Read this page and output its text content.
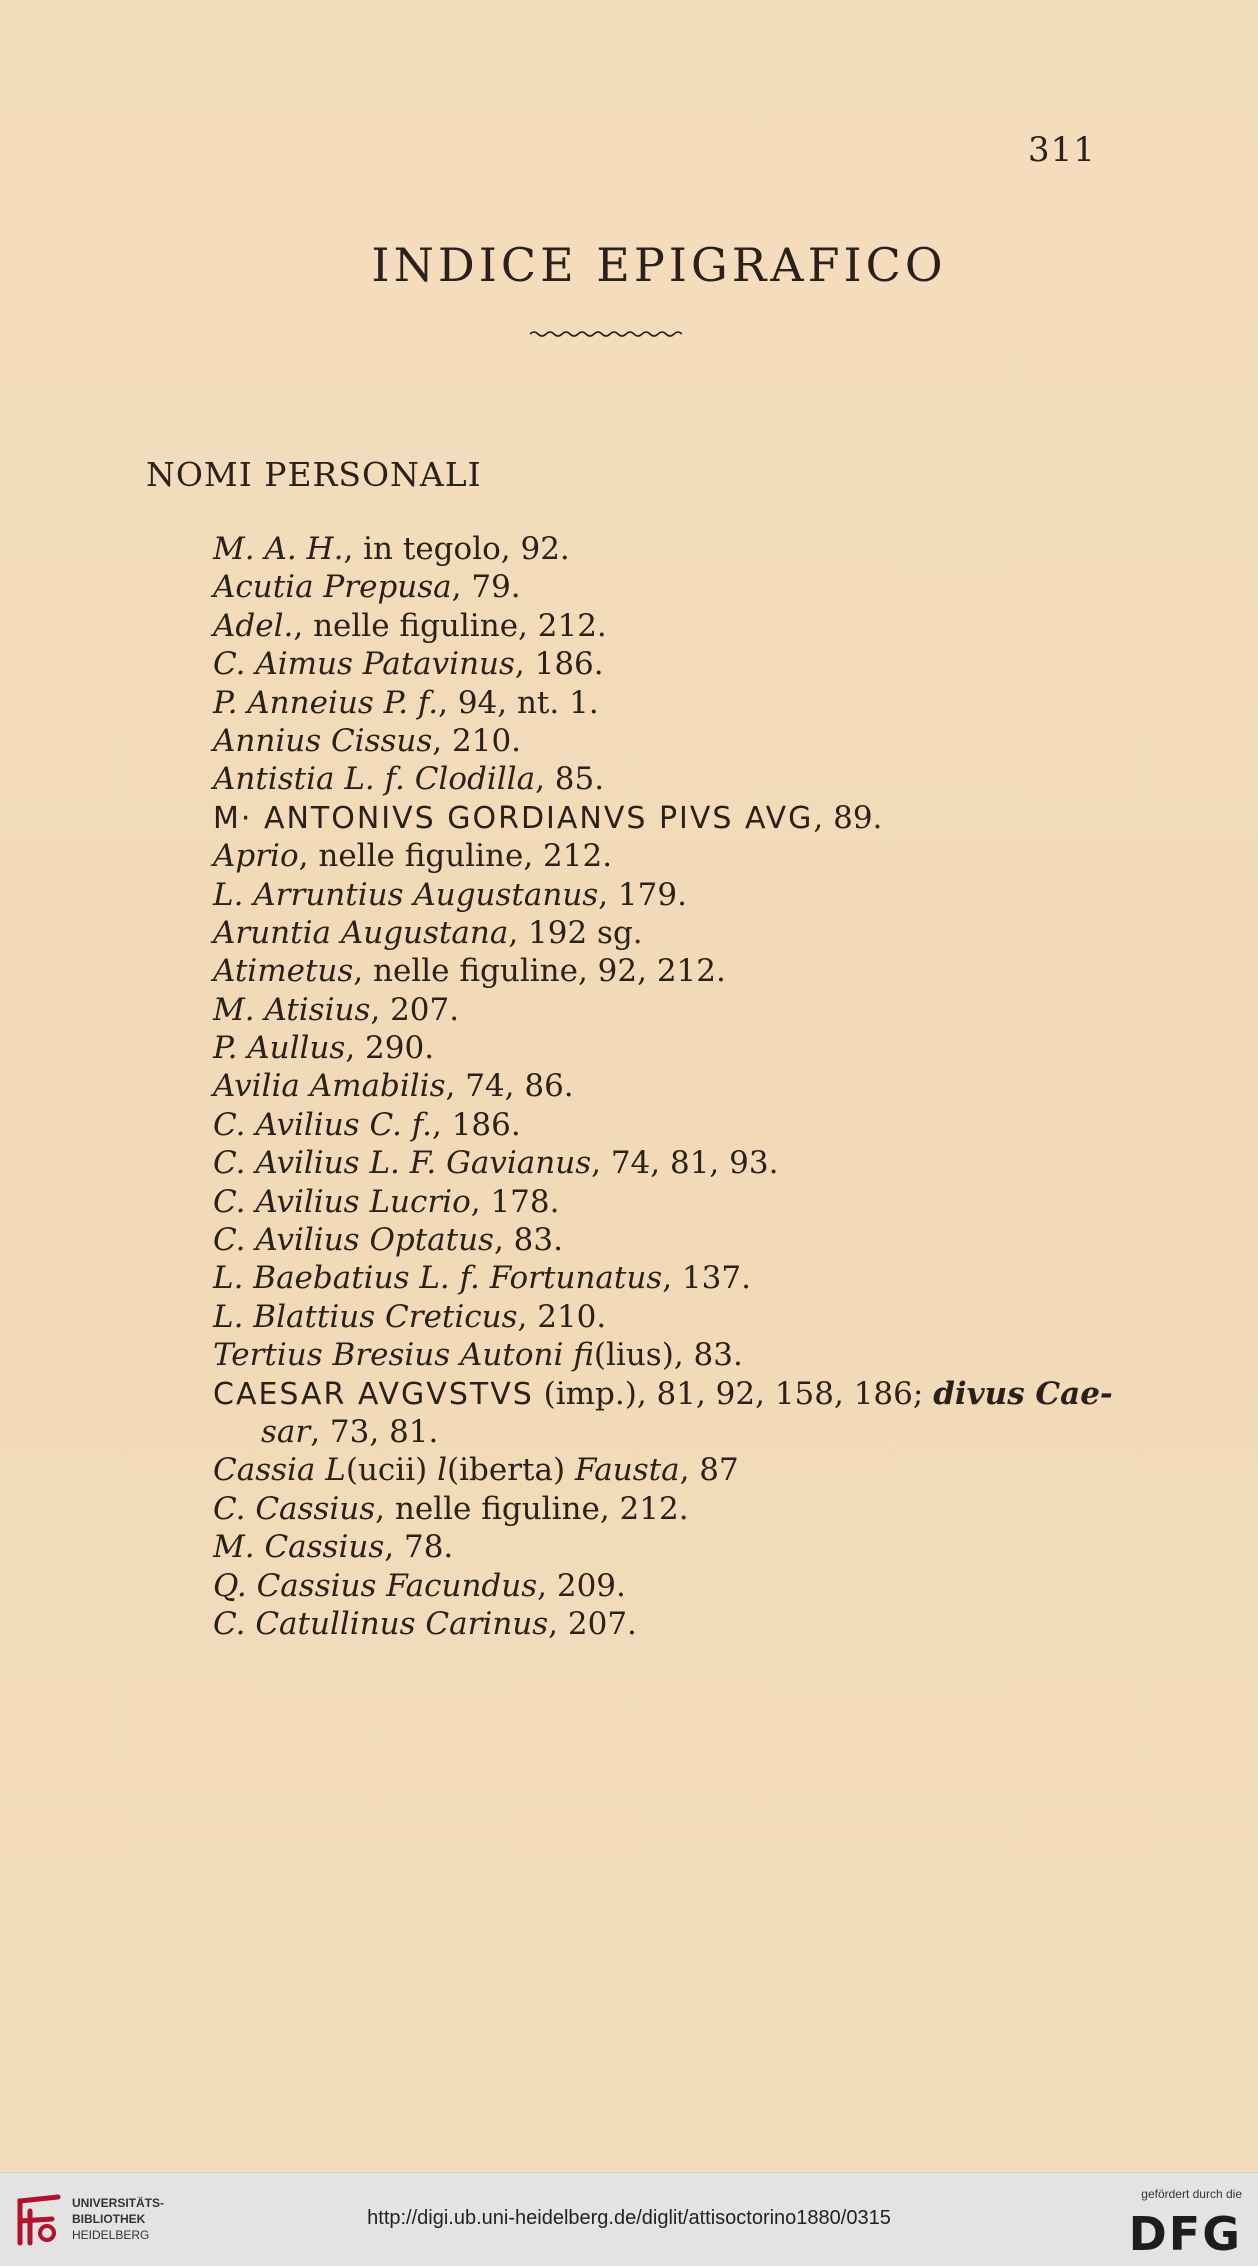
311
INDICE EPIGRAFICO
NOMI PERSONALI
M. A. H., in tegolo, 92.
Acutia Prepusa, 79.
Adel., nelle figuline, 212.
C. Aimus Patavinus, 186.
P. Anneius P. f., 94, nt. 1.
Annius Cissus, 210.
Antistia L. f. Clodilla, 85.
M· ANTONIVS GORDIANVS PIVS AVG, 89.
Aprio, nelle figuline, 212.
L. Arruntius Augustanus, 179.
Aruntia Augustana, 192 sg.
Atimetus, nelle figuline, 92, 212.
M. Atisius, 207.
P. Aullus, 290.
Avilia Amabilis, 74, 86.
C. Avilius C. f., 186.
C. Avilius L. F. Gavianus, 74, 81, 93.
C. Avilius Lucrio, 178.
C. Avilius Optatus, 83.
L. Baebatius L. f. Fortunatus, 137.
L. Blattius Creticus, 210.
Tertius Bresius Autoni fi(lius), 83.
CAESAR AVGVSTVS (imp.), 81, 92, 158, 186; divus Cae-
sar, 73, 81.
Cassia L(ucii) l(iberta) Fausta, 87
C. Cassius, nelle figuline, 212.
M. Cassius, 78.
Q. Cassius Facundus, 209.
C. Catullinus Carinus, 207.
UNIVERSITÄTS-
BIBLIOTHEK
HEIDELBERG
http://digi.ub.uni-heidelberg.de/diglit/attisoctorino1880/0315
gefördert durch die
DFG
